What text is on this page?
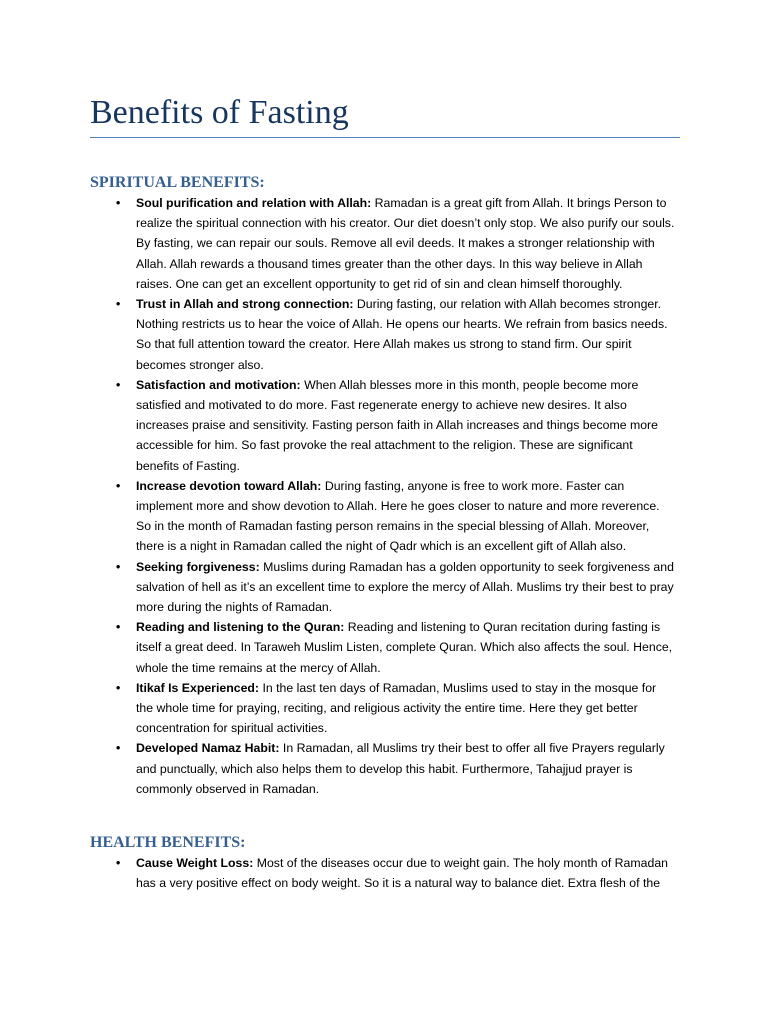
Benefits of Fasting
SPIRITUAL BENEFITS:
• Soul purification and relation with Allah: Ramadan is a great gift from Allah. It brings Person to realize the spiritual connection with his creator. Our diet doesn’t only stop. We also purify our souls. By fasting, we can repair our souls. Remove all evil deeds. It makes a stronger relationship with Allah. Allah rewards a thousand times greater than the other days. In this way believe in Allah raises. One can get an excellent opportunity to get rid of sin and clean himself thoroughly.
• Trust in Allah and strong connection: During fasting, our relation with Allah becomes stronger. Nothing restricts us to hear the voice of Allah. He opens our hearts. We refrain from basics needs. So that full attention toward the creator. Here Allah makes us strong to stand firm. Our spirit becomes stronger also.
• Satisfaction and motivation: When Allah blesses more in this month, people become more satisfied and motivated to do more. Fast regenerate energy to achieve new desires. It also increases praise and sensitivity. Fasting person faith in Allah increases and things become more accessible for him. So fast provoke the real attachment to the religion. These are significant benefits of Fasting.
• Increase devotion toward Allah: During fasting, anyone is free to work more. Faster can implement more and show devotion to Allah. Here he goes closer to nature and more reverence. So in the month of Ramadan fasting person remains in the special blessing of Allah. Moreover, there is a night in Ramadan called the night of Qadr which is an excellent gift of Allah also.
• Seeking forgiveness: Muslims during Ramadan has a golden opportunity to seek forgiveness and salvation of hell as it’s an excellent time to explore the mercy of Allah. Muslims try their best to pray more during the nights of Ramadan.
• Reading and listening to the Quran: Reading and listening to Quran recitation during fasting is itself a great deed. In Taraweh Muslim Listen, complete Quran. Which also affects the soul. Hence, whole the time remains at the mercy of Allah.
• Itikaf Is Experienced: In the last ten days of Ramadan, Muslims used to stay in the mosque for the whole time for praying, reciting, and religious activity the entire time. Here they get better concentration for spiritual activities.
• Developed Namaz Habit: In Ramadan, all Muslims try their best to offer all five Prayers regularly and punctually, which also helps them to develop this habit. Furthermore, Tahajjud prayer is commonly observed in Ramadan.
HEALTH BENEFITS:
• Cause Weight Loss: Most of the diseases occur due to weight gain. The holy month of Ramadan has a very positive effect on body weight. So it is a natural way to balance diet. Extra flesh of the
